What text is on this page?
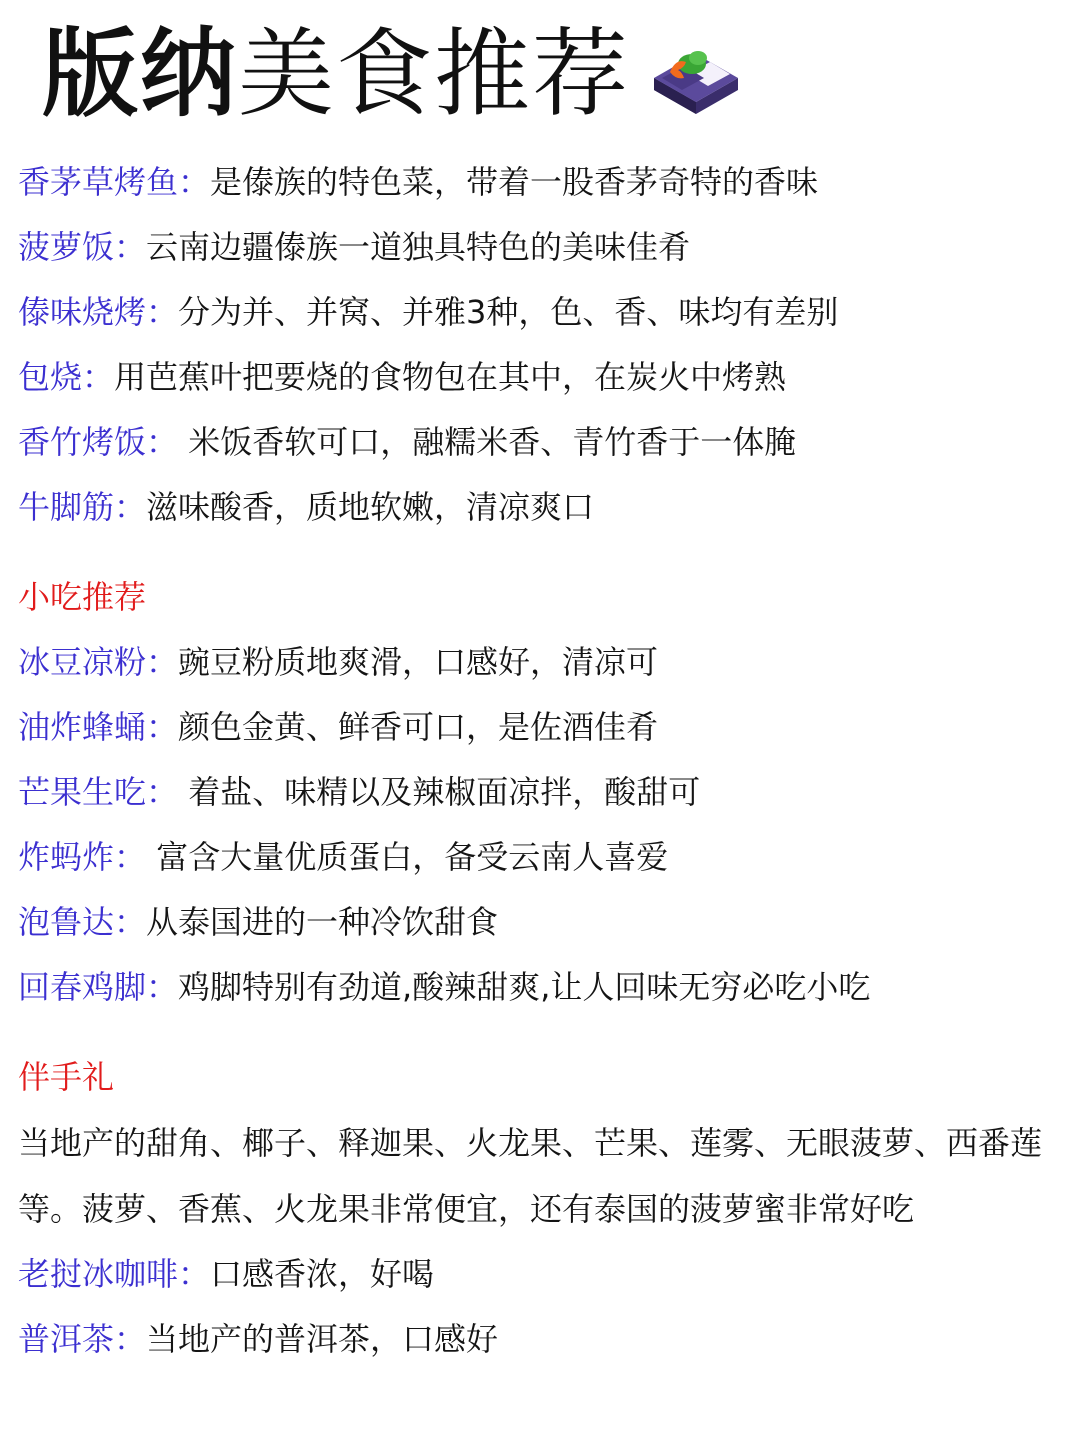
版纳美食推荐
香茅草烤鱼：是傣族的特色菜，带着一股香茅奇特的香味
菠萝饭：云南边疆傣族一道独具特色的美味佳肴
傣味烧烤：分为并、并窝、并雅3种，色、香、味均有差别
包烧：用芭蕉叶把要烧的食物包在其中，在炭火中烤熟
香竹烤饭： 米饭香软可口，融糯米香、青竹香于一体腌
牛脚筋：滋味酸香，质地软嫩，清凉爽口
小吃推荐
冰豆凉粉：豌豆粉质地爽滑，口感好，清凉可
油炸蜂蛹：颜色金黄、鲜香可口，是佐酒佳肴
芒果生吃： 着盐、味精以及辣椒面凉拌，酸甜可
炸蚂炸： 富含大量优质蛋白，备受云南人喜爱
泡鲁达：从泰国进的一种冷饮甜食
回春鸡脚：鸡脚特别有劲道,酸辣甜爽,让人回味无穷必吃小吃
伴手礼
当地产的甜角、椰子、释迦果、火龙果、芒果、莲雾、无眼菠萝、西番莲等。菠萝、香蕉、火龙果非常便宜，还有泰国的菠萝蜜非常好吃
老挝冰咖啡：口感香浓，好喝
普洱茶：当地产的普洱茶，口感好
